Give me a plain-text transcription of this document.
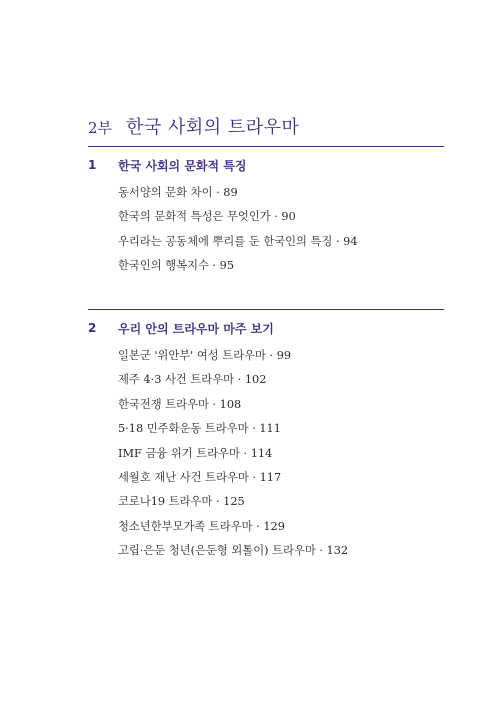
2부 한국 사회의 트라우마
1	한국 사회의 문화적 특징
동서양의 문화 차이 · 89
한국의 문화적 특성은 무엇인가 · 90
우리라는 공동체에 뿌리를 둔 한국인의 특징 · 94
한국인의 행복지수 · 95
2	우리 안의 트라우마 마주 보기
일본군 '위안부' 여성 트라우마 · 99
제주 4·3 사건 트라우마 · 102
한국전쟁 트라우마 · 108
5·18 민주화운동 트라우마 · 111
IMF 금융 위기 트라우마 · 114
세월호 재난 사건 트라우마 · 117
코로나19 트라우마 · 125
청소년한부모가족 트라우마 · 129
고립·은둔 청년(은둔형 외톨이) 트라우마 · 132
